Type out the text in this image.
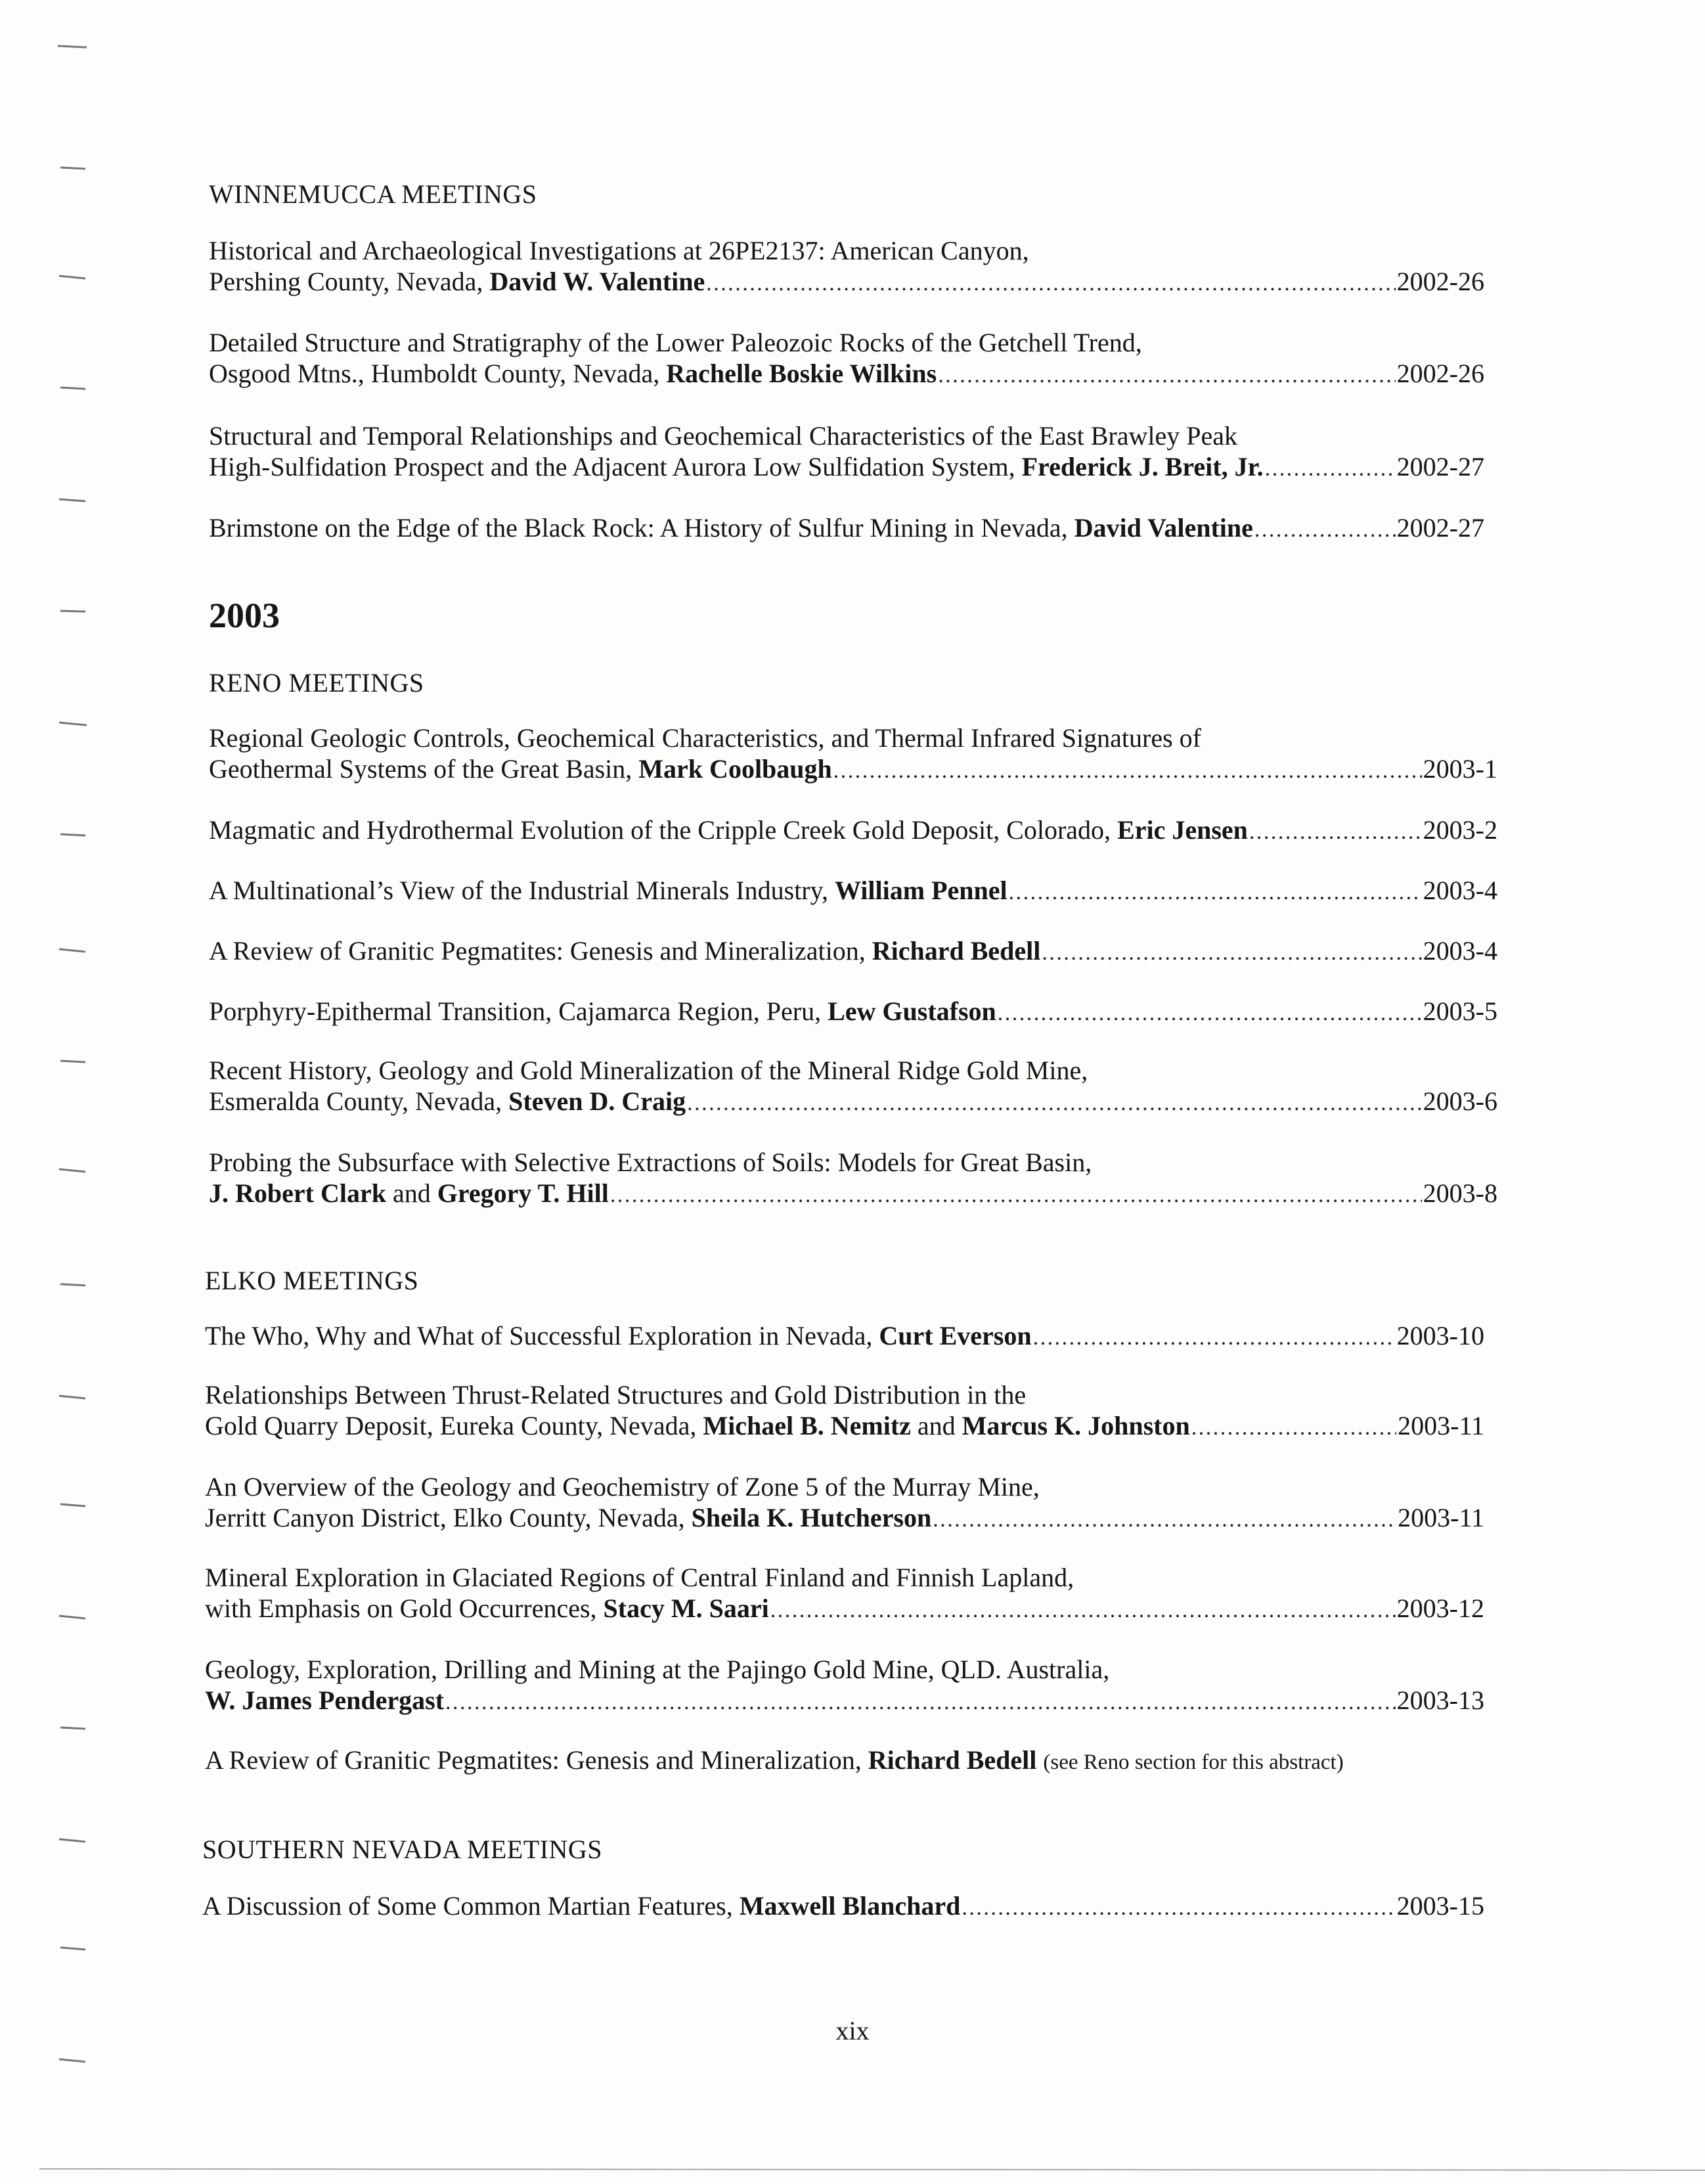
WINNEMUCCA MEETINGS
Historical and Archaeological Investigations at 26PE2137: American Canyon,
Pershing County, Nevada, David W. Valentine . . .	2002-26
Detailed Structure and Stratigraphy of the Lower Paleozoic Rocks of the Getchell Trend,
Osgood Mtns., Humboldt County, Nevada, Rachelle Boskie Wilkins . . .	2002-26
Structural and Temporal Relationships and Geochemical Characteristics of the East Brawley Peak
High-Sulfidation Prospect and the Adjacent Aurora Low Sulfidation System, Frederick J. Breit, Jr. . . .	2002-27
Brimstone on the Edge of the Black Rock: A History of Sulfur Mining in Nevada, David Valentine . . .	2002-27
2003
RENO MEETINGS
Regional Geologic Controls, Geochemical Characteristics, and Thermal Infrared Signatures of
Geothermal Systems of the Great Basin, Mark Coolbaugh . . .	2003-1
Magmatic and Hydrothermal Evolution of the Cripple Creek Gold Deposit, Colorado, Eric Jensen . . .	2003-2
A Multinational’s View of the Industrial Minerals Industry, William Pennel . . .	2003-4
A Review of Granitic Pegmatites: Genesis and Mineralization, Richard Bedell . . .	2003-4
Porphyry-Epithermal Transition, Cajamarca Region, Peru, Lew Gustafson . . .	2003-5
Recent History, Geology and Gold Mineralization of the Mineral Ridge Gold Mine,
Esmeralda County, Nevada, Steven D. Craig . . .	2003-6
Probing the Subsurface with Selective Extractions of Soils: Models for Great Basin,
J. Robert Clark and Gregory T. Hill . . .	2003-8
ELKO MEETINGS
The Who, Why and What of Successful Exploration in Nevada, Curt Everson . . .	2003-10
Relationships Between Thrust-Related Structures and Gold Distribution in the
Gold Quarry Deposit, Eureka County, Nevada, Michael B. Nemitz and Marcus K. Johnston . . .	2003-11
An Overview of the Geology and Geochemistry of Zone 5 of the Murray Mine,
Jerritt Canyon District, Elko County, Nevada, Sheila K. Hutcherson . . .	2003-11
Mineral Exploration in Glaciated Regions of Central Finland and Finnish Lapland,
with Emphasis on Gold Occurrences, Stacy M. Saari . . .	2003-12
Geology, Exploration, Drilling and Mining at the Pajingo Gold Mine, QLD. Australia,
W. James Pendergast . . .	2003-13
A Review of Granitic Pegmatites: Genesis and Mineralization, Richard Bedell (see Reno section for this abstract)
SOUTHERN NEVADA MEETINGS
A Discussion of Some Common Martian Features, Maxwell Blanchard . . .	2003-15
xix
